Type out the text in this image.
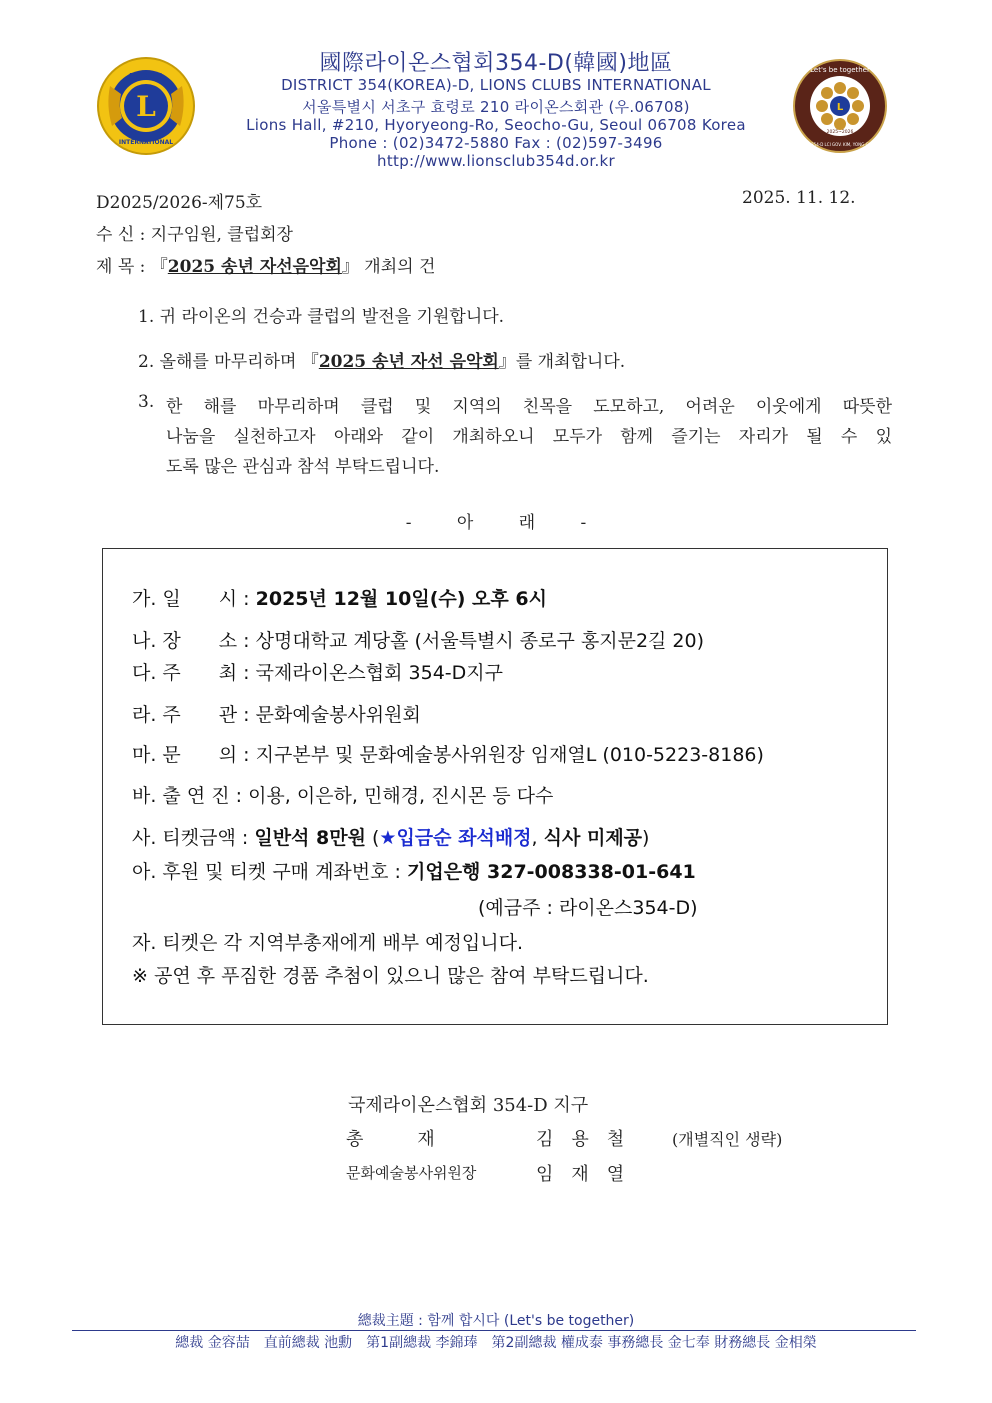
L
LIONS
INTERNATIONAL
L
Let's be together
2025~2026
DIST 354-D LCI GOV. KIM, YONG-CHEOL
國際라이온스협회354-D(韓國)地區
DISTRICT 354(KOREA)-D, LIONS CLUBS INTERNATIONAL
서울특별시 서초구 효령로 210 라이온스회관 (우.06708)
Lions Hall, #210, Hyoryeong-Ro, Seocho-Gu, Seoul 06708 Korea
Phone : (02)3472-5880 Fax : (02)597-3496
http://www.lionsclub354d.or.kr
D2025/2026-제75호	2025. 11. 12.
수 신 : 지구임원, 클럽회장
제 목 : 『2025 송년 자선음악회』 개최의 건
1. 귀 라이온의 건승과 클럽의 발전을 기원합니다.
2. 올해를 마무리하며 『2025 송년 자선 음악회』를 개최합니다.
3. 한 해를 마무리하며 클럽 및 지역의 친목을 도모하고, 어려운 이웃에게 따뜻한
나눔을 실천하고자 아래와 같이 개최하오니 모두가 함께 즐기는 자리가 될 수 있
도록 많은 관심과 참석 부탁드립니다.
- 아 래 -
가. 일　　시 : 2025년 12월 10일(수) 오후 6시
나. 장　　소 : 상명대학교 계당홀 (서울특별시 종로구 홍지문2길 20)
다. 주　　최 : 국제라이온스협회 354-D지구
라. 주　　관 : 문화예술봉사위원회
마. 문　　의 : 지구본부 및 문화예술봉사위원장 임재열L (010-5223-8186)
바. 출 연 진 : 이용, 이은하, 민해경, 진시몬 등 다수
사. 티켓금액 : 일반석 8만원 (★입금순 좌석배정, 식사 미제공)
아. 후원 및 티켓 구매 계좌번호 : 기업은행 327-008338-01-641
(예금주 : 라이온스354-D)
자. 티켓은 각 지역부총재에게 배부 예정입니다.
※ 공연 후 푸짐한 경품 추첨이 있으니 많은 참여 부탁드립니다.
국제라이온스협회 354-D 지구
총　　　재	김　용　철	(개별직인 생략)
문화예술봉사위원장	임　재　열
總裁主題 : 함께 합시다 (Let's be together)
總裁 金容喆　直前總裁 池勳　第1副總裁 李錦琫　第2副總裁 權成泰 事務總長 金七奉 財務總長 金相榮
